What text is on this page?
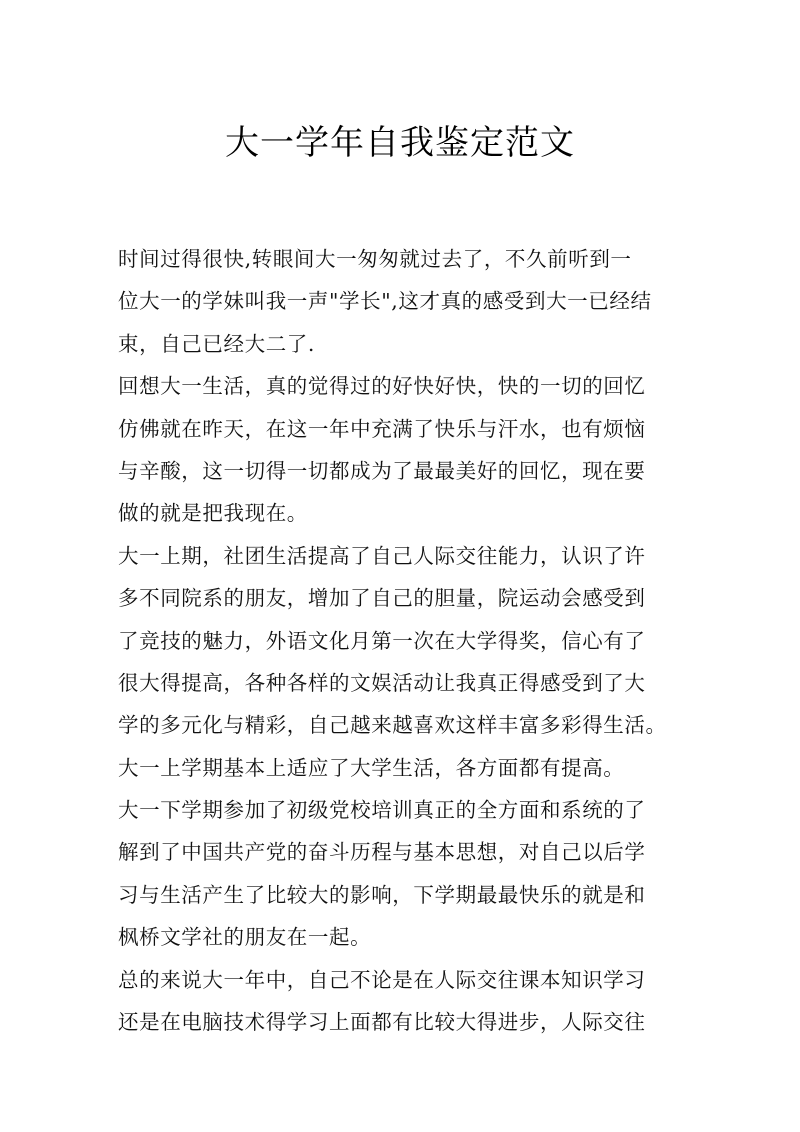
大一学年自我鉴定范文

时间过得很快,转眼间大一匆匆就过去了，不久前听到一
位大一的学妹叫我一声"学长",这才真的感受到大一已经结
束，自己已经大二了.

回想大一生活，真的觉得过的好快好快，快的一切的回忆
仿佛就在昨天，在这一年中充满了快乐与汗水，也有烦恼
与辛酸，这一切得一切都成为了最最美好的回忆，现在要
做的就是把我现在。

大一上期，社团生活提高了自己人际交往能力，认识了许
多不同院系的朋友，增加了自己的胆量，院运动会感受到
了竞技的魅力，外语文化月第一次在大学得奖，信心有了
很大得提高，各种各样的文娱活动让我真正得感受到了大
学的多元化与精彩，自己越来越喜欢这样丰富多彩得生活。
大一上学期基本上适应了大学生活，各方面都有提高。

大一下学期参加了初级党校培训真正的全方面和系统的了
解到了中国共产党的奋斗历程与基本思想，对自己以后学
习与生活产生了比较大的影响，下学期最最快乐的就是和
枫桥文学社的朋友在一起。

总的来说大一年中，自己不论是在人际交往课本知识学习
还是在电脑技术得学习上面都有比较大得进步，人际交往
